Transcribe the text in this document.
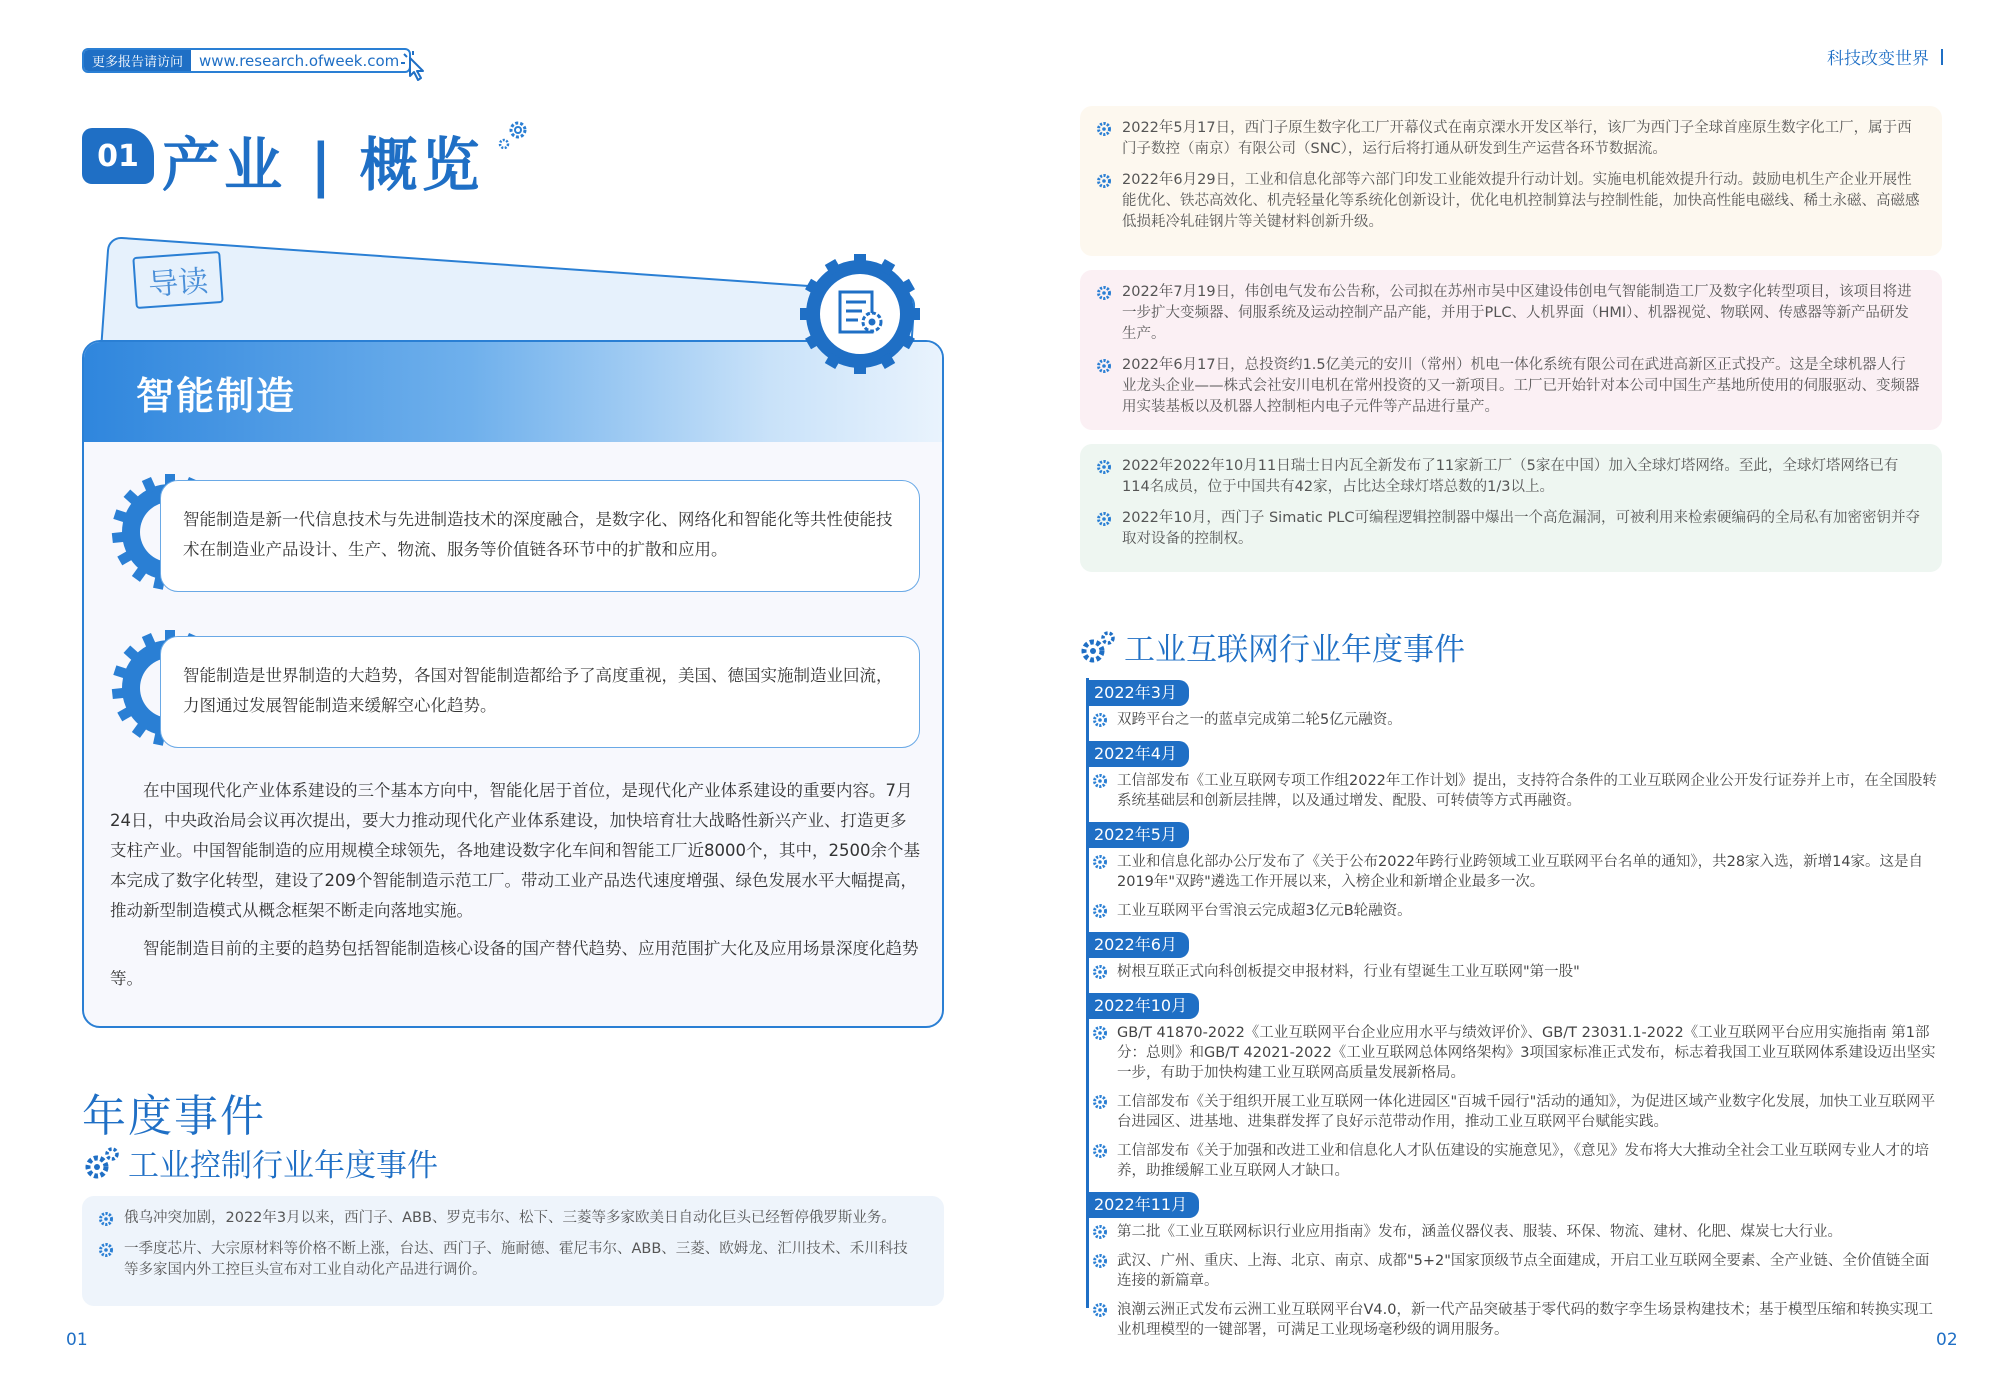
更多报告请访问	www.research.ofweek.com	科技改变世界
01 产业 | 概览
导读
智能制造
智能制造是新一代信息技术与先进制造技术的深度融合，是数字化、网络化和智能化等共性使能技术在制造业产品设计、生产、物流、服务等价值链各环节中的扩散和应用。
智能制造是世界制造的大趋势，各国对智能制造都给予了高度重视，美国、德国实施制造业回流，力图通过发展智能制造来缓解空心化趋势。

在中国现代化产业体系建设的三个基本方向中，智能化居于首位，是现代化产业体系建设的重要内容。7月24日，中央政治局会议再次提出，要大力推动现代化产业体系建设，加快培育壮大战略性新兴产业、打造更多支柱产业。中国智能制造的应用规模全球领先，各地建设数字化车间和智能工厂近8000个，其中，2500余个基本完成了数字化转型，建设了209个智能制造示范工厂。带动工业产品迭代速度增强、绿色发展水平大幅提高，推动新型制造模式从概念框架不断走向落地实施。

智能制造目前的主要的趋势包括智能制造核心设备的国产替代趋势、应用范围扩大化及应用场景深度化趋势等。

年度事件
工业控制行业年度事件
俄乌冲突加剧，2022年3月以来，西门子、ABB、罗克韦尔、松下、三菱等多家欧美日自动化巨头已经暂停俄罗斯业务。
一季度芯片、大宗原材料等价格不断上涨，台达、西门子、施耐德、霍尼韦尔、ABB、三菱、欧姆龙、汇川技术、禾川科技等多家国内外工控巨头宣布对工业自动化产品进行调价。
2022年5月17日，西门子原生数字化工厂开幕仪式在南京溧水开发区举行，该厂为西门子全球首座原生数字化工厂，属于西门子数控（南京）有限公司（SNC），运行后将打通从研发到生产运营各环节数据流。
2022年6月29日，工业和信息化部等六部门印发工业能效提升行动计划。实施电机能效提升行动。鼓励电机生产企业开展性能优化、铁芯高效化、机壳轻量化等系统化创新设计，优化电机控制算法与控制性能，加快高性能电磁线、稀土永磁、高磁感低损耗冷轧硅钢片等关键材料创新升级。
2022年7月19日，伟创电气发布公告称，公司拟在苏州市吴中区建设伟创电气智能制造工厂及数字化转型项目，该项目将进一步扩大变频器、伺服系统及运动控制产品产能，并用于PLC、人机界面（HMI）、机器视觉、物联网、传感器等新产品研发生产。
2022年6月17日，总投资约1.5亿美元的安川（常州）机电一体化系统有限公司在武进高新区正式投产。这是全球机器人行业龙头企业——株式会社安川电机在常州投资的又一新项目。工厂已开始针对本公司中国生产基地所使用的伺服驱动、变频器用实装基板以及机器人控制柜内电子元件等产品进行量产。
2022年2022年10月11日瑞士日内瓦全新发布了11家新工厂（5家在中国）加入全球灯塔网络。至此，全球灯塔网络已有114名成员，位于中国共有42家，占比达全球灯塔总数的1/3以上。
2022年10月，西门子 Simatic PLC可编程逻辑控制器中爆出一个高危漏洞，可被利用来检索硬编码的全局私有加密密钥并夺取对设备的控制权。
工业互联网行业年度事件
2022年3月
双跨平台之一的蓝卓完成第二轮5亿元融资。
2022年4月
工信部发布《工业互联网专项工作组2022年工作计划》提出，支持符合条件的工业互联网企业公开发行证券并上市，在全国股转系统基础层和创新层挂牌，以及通过增发、配股、可转债等方式再融资。
2022年5月
工业和信息化部办公厅发布了《关于公布2022年跨行业跨领域工业互联网平台名单的通知》，共28家入选，新增14家。这是自2019年"双跨"遴选工作开展以来，入榜企业和新增企业最多一次。
工业互联网平台雪浪云完成超3亿元B轮融资。
2022年6月
树根互联正式向科创板提交申报材料，行业有望诞生工业互联网"第一股"
2022年10月
GB/T 41870-2022《工业互联网平台企业应用水平与绩效评价》、GB/T 23031.1-2022《工业互联网平台应用实施指南 第1部分：总则》和GB/T 42021-2022《工业互联网总体网络架构》3项国家标准正式发布，标志着我国工业互联网体系建设迈出坚实一步，有助于加快构建工业互联网高质量发展新格局。
工信部发布《关于组织开展工业互联网一体化进园区"百城千园行"活动的通知》，为促进区域产业数字化发展，加快工业互联网平台进园区、进基地、进集群发挥了良好示范带动作用，推动工业互联网平台赋能实践。
工信部发布《关于加强和改进工业和信息化人才队伍建设的实施意见》，《意见》发布将大大推动全社会工业互联网专业人才的培养，助推缓解工业互联网人才缺口。
2022年11月
第二批《工业互联网标识行业应用指南》发布，涵盖仪器仪表、服装、环保、物流、建材、化肥、煤炭七大行业。
武汉、广州、重庆、上海、北京、南京、成都"5+2"国家顶级节点全面建成，开启工业互联网全要素、全产业链、全价值链全面连接的新篇章。
浪潮云洲正式发布云洲工业互联网平台V4.0，新一代产品突破基于零代码的数字孪生场景构建技术；基于模型压缩和转换实现工业机理模型的一键部署，可满足工业现场毫秒级的调用服务。
01	02
